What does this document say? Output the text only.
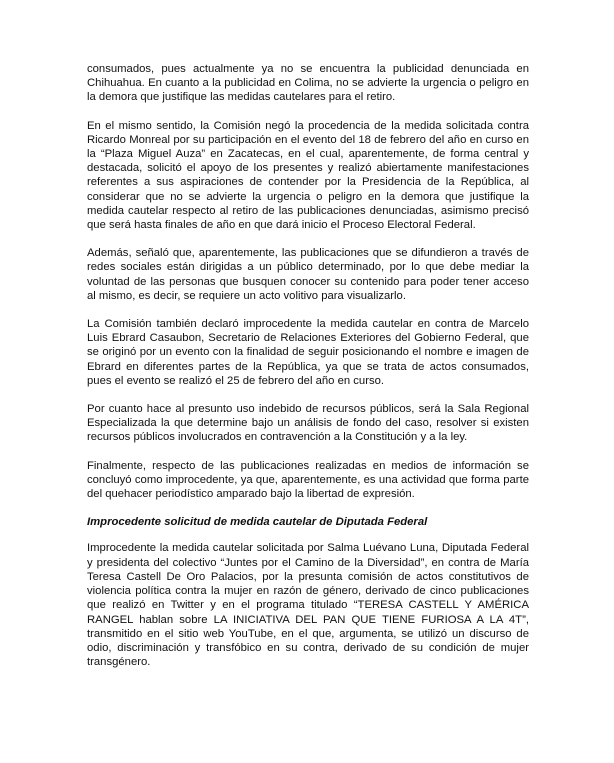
consumados, pues actualmente ya no se encuentra la publicidad denunciada en Chihuahua. En cuanto a la publicidad en Colima, no se advierte la urgencia o peligro en la demora que justifique las medidas cautelares para el retiro.

En el mismo sentido, la Comisión negó la procedencia de la medida solicitada contra Ricardo Monreal por su participación en el evento del 18 de febrero del año en curso en la “Plaza Miguel Auza” en Zacatecas, en el cual, aparentemente, de forma central y destacada, solicitó el apoyo de los presentes y realizó abiertamente manifestaciones referentes a sus aspiraciones de contender por la Presidencia de la República, al considerar que no se advierte la urgencia o peligro en la demora que justifique la medida cautelar respecto al retiro de las publicaciones denunciadas, asimismo precisó que será hasta finales de año en que dará inicio el Proceso Electoral Federal.

Además, señaló que, aparentemente, las publicaciones que se difundieron a través de redes sociales están dirigidas a un público determinado, por lo que debe mediar la voluntad de las personas que busquen conocer su contenido para poder tener acceso al mismo, es decir, se requiere un acto volitivo para visualizarlo.

La Comisión también declaró improcedente la medida cautelar en contra de Marcelo Luis Ebrard Casaubon, Secretario de Relaciones Exteriores del Gobierno Federal, que se originó por un evento con la finalidad de seguir posicionando el nombre e imagen de Ebrard en diferentes partes de la República, ya que se trata de actos consumados, pues el evento se realizó el 25 de febrero del año en curso.

Por cuanto hace al presunto uso indebido de recursos públicos, será la Sala Regional Especializada la que determine bajo un análisis de fondo del caso, resolver si existen recursos públicos involucrados en contravención a la Constitución y a la ley.

Finalmente, respecto de las publicaciones realizadas en medios de información se concluyó como improcedente, ya que, aparentemente, es una actividad que forma parte del quehacer periodístico amparado bajo la libertad de expresión.

Improcedente solicitud de medida cautelar de Diputada Federal

Improcedente la medida cautelar solicitada por Salma Luévano Luna, Diputada Federal y presidenta del colectivo “Juntes por el Camino de la Diversidad”, en contra de María Teresa Castell De Oro Palacios, por la presunta comisión de actos constitutivos de violencia política contra la mujer en razón de género, derivado de cinco publicaciones que realizó en Twitter y en el programa titulado “TERESA CASTELL Y AMÉRICA RANGEL hablan sobre LA INICIATIVA DEL PAN QUE TIENE FURIOSA A LA 4T”, transmitido en el sitio web YouTube, en el que, argumenta, se utilizó un discurso de odio, discriminación y transfóbico en su contra, derivado de su condición de mujer transgénero.
